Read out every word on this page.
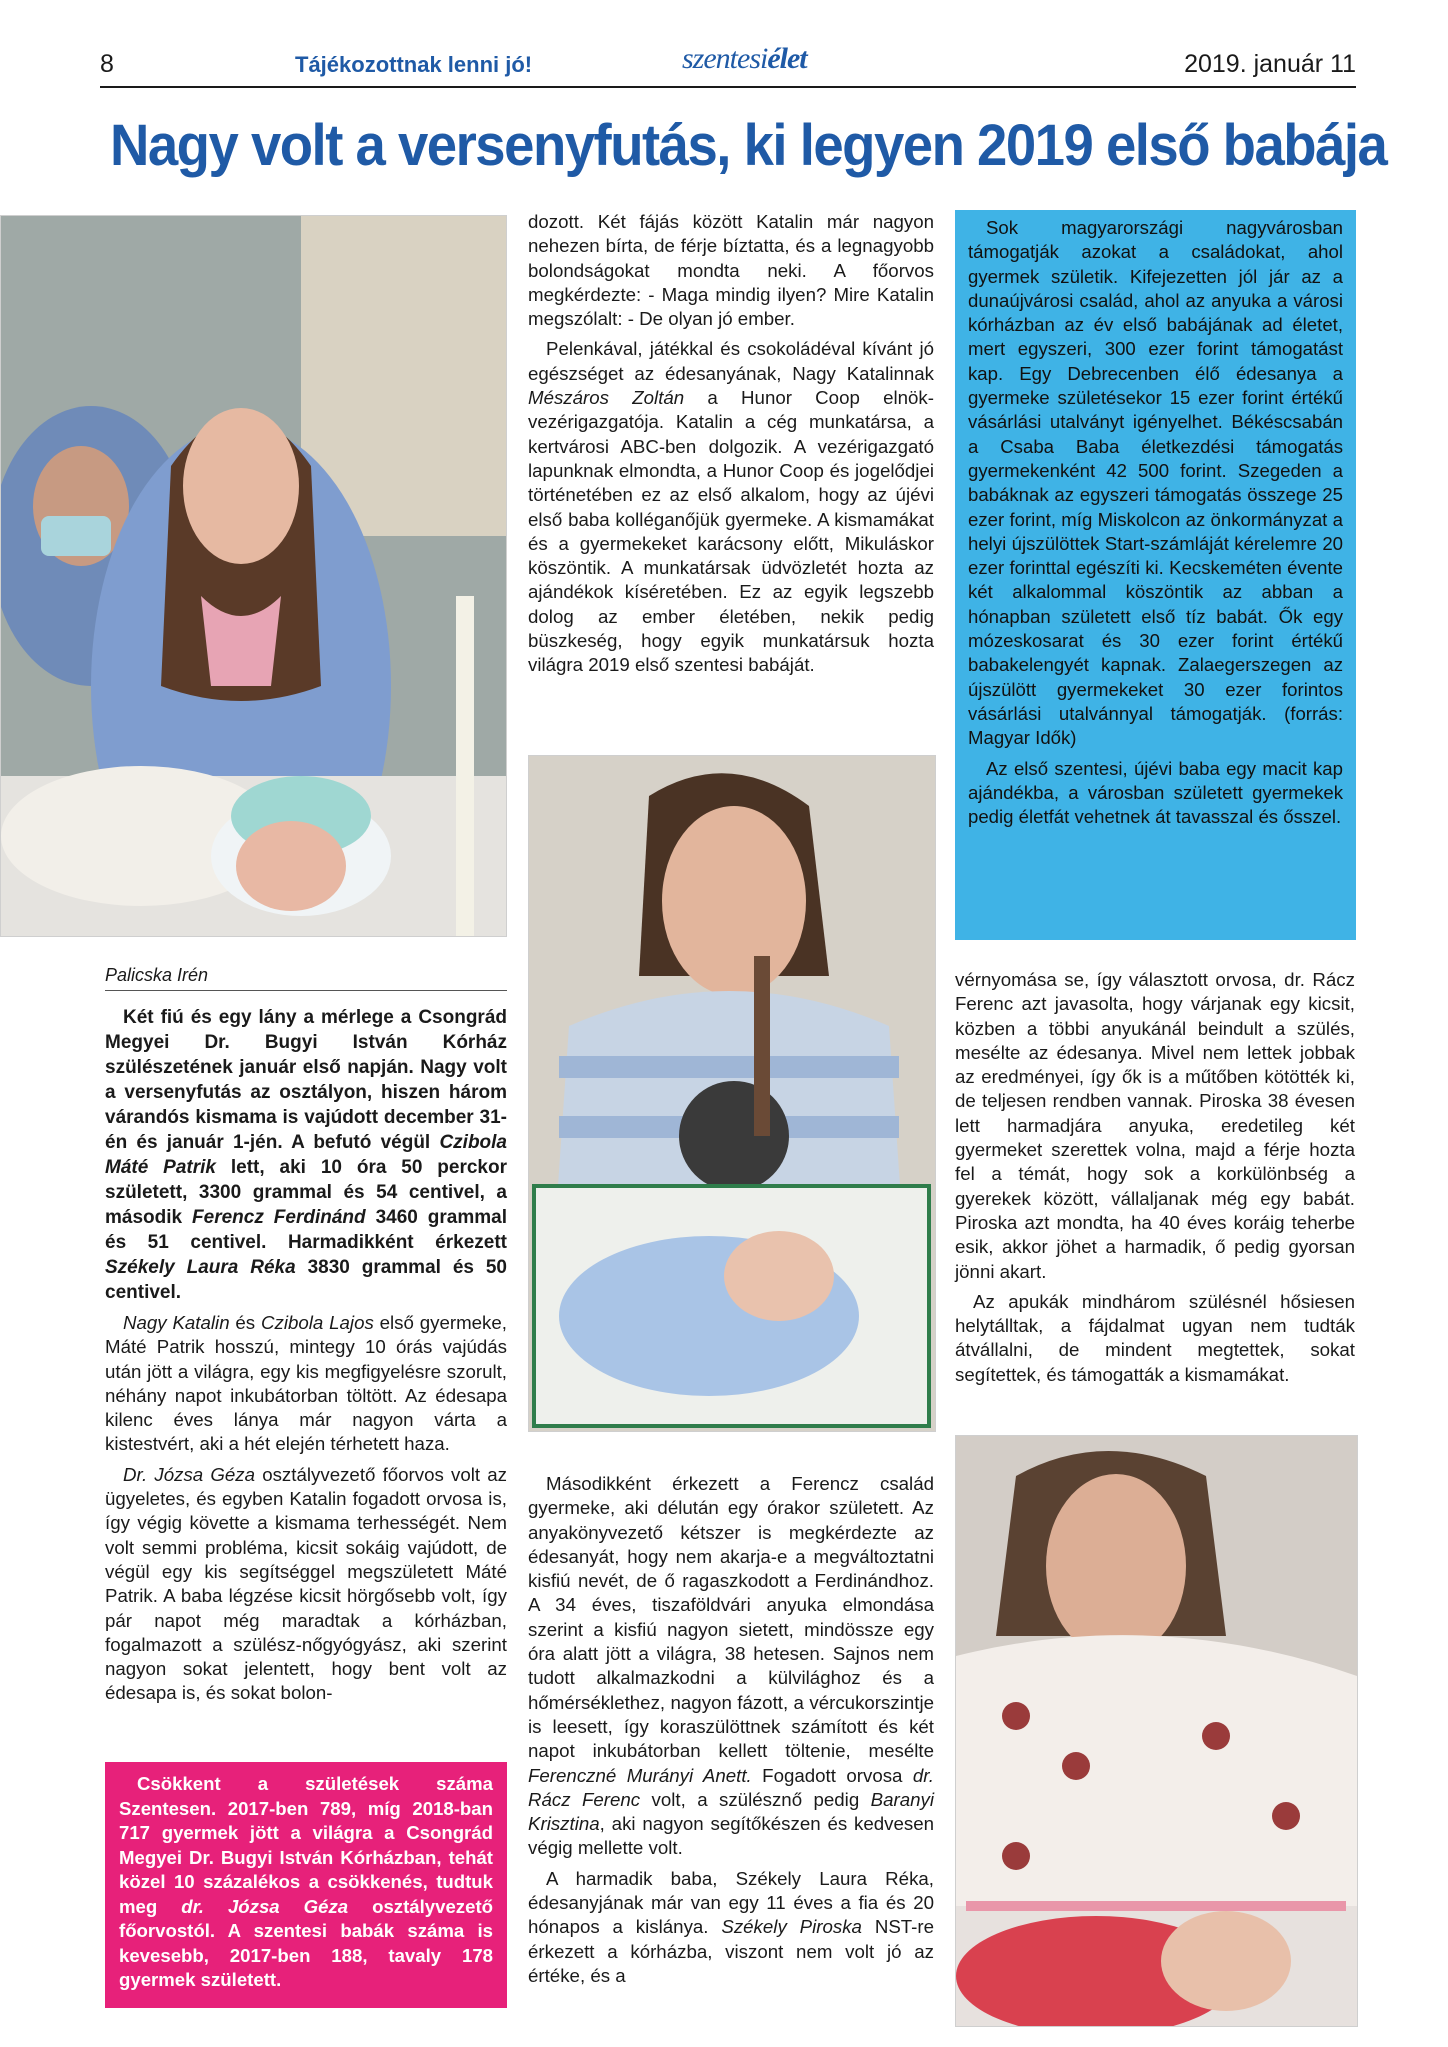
8	Tájékozottnak lenni jó!	szentesiélet	2019. január 11
Nagy volt a versenyfutás, ki legyen 2019 első babája
Palicska Irén

Két fiú és egy lány a mérlege a Csongrád Megyei Dr. Bugyi István Kórház szülészetének január első napján. Nagy volt a versenyfutás az osztályon, hiszen három várandós kismama is vajúdott december 31-én és január 1-jén. A befutó végül Czibola Máté Patrik lett, aki 10 óra 50 perckor született, 3300 grammal és 54 centivel, a második Ferencz Ferdinánd 3460 grammal és 51 centivel. Harmadikként érkezett Székely Laura Réka 3830 grammal és 50 centivel.

Nagy Katalin és Czibola Lajos első gyermeke, Máté Patrik hosszú, mintegy 10 órás vajúdás után jött a világra, egy kis megfigyelésre szorult, néhány napot inkubátorban töltött. Az édesapa kilenc éves lánya már nagyon várta a kistestvért, aki a hét elején térhetett haza.

Dr. Józsa Géza osztályvezető főorvos volt az ügyeletes, és egyben Katalin fogadott orvosa is, így végig követte a kismama terhességét. Nem volt semmi probléma, kicsit sokáig vajúdott, de végül egy kis segítséggel megszületett Máté Patrik. A baba légzése kicsit hörgősebb volt, így pár napot még maradtak a kórházban, fogalmazott a szülész-nőgyógyász, aki szerint nagyon sokat jelentett, hogy bent volt az édesapa is, és sokat bolon-

Csökkent a születések száma Szentesen. 2017-ben 789, míg 2018-ban 717 gyermek jött a világra a Csongrád Megyei Dr. Bugyi István Kórházban, tehát közel 10 százalékos a csökkenés, tudtuk meg dr. Józsa Géza osztályvezető főorvostól. A szentesi babák száma is kevesebb, 2017-ben 188, tavaly 178 gyermek született.

dozott. Két fájás között Katalin már nagyon nehezen bírta, de férje bíztatta, és a legnagyobb bolondságokat mondta neki. A főorvos megkérdezte: - Maga mindig ilyen? Mire Katalin megszólalt: - De olyan jó ember.

Pelenkával, játékkal és csokoládéval kívánt jó egészséget az édesanyának, Nagy Katalinnak Mészáros Zoltán a Hunor Coop elnök-vezérigazgatója. Katalin a cég munkatársa, a kertvárosi ABC-ben dolgozik. A vezérigazgató lapunknak elmondta, a Hunor Coop és jogelődjei történetében ez az első alkalom, hogy az újévi első baba kolléganőjük gyermeke. A kismamákat és a gyermekeket karácsony előtt, Mikuláskor köszöntik. A munkatársak üdvözletét hozta az ajándékok kíséretében. Ez az egyik legszebb dolog az ember életében, nekik pedig büszkeség, hogy egyik munkatársuk hozta világra 2019 első szentesi babáját.

Másodikként érkezett a Ferencz család gyermeke, aki délután egy órakor született. Az anyakönyvezető kétszer is megkérdezte az édesanyát, hogy nem akarja-e a megváltoztatni kisfiú nevét, de ő ragaszkodott a Ferdinándhoz. A 34 éves, tiszaföldvári anyuka elmondása szerint a kisfiú nagyon sietett, mindössze egy óra alatt jött a világra, 38 hetesen. Sajnos nem tudott alkalmazkodni a külvilághoz és a hőmérséklethez, nagyon fázott, a vércukorszintje is leesett, így koraszülöttnek számított és két napot inkubátorban kellett töltenie, mesélte Ferenczné Murányi Anett. Fogadott orvosa dr. Rácz Ferenc volt, a szülésznő pedig Baranyi Krisztina, aki nagyon segítőkészen és kedvesen végig mellette volt.

A harmadik baba, Székely Laura Réka, édesanyjának már van egy 11 éves a fia és 20 hónapos a kislánya. Székely Piroska NST-re érkezett a kórházba, viszont nem volt jó az értéke, és a

Sok magyarországi nagyvárosban támogatják azokat a családokat, ahol gyermek születik. Kifejezetten jól jár az a dunaújvárosi család, ahol az anyuka a városi kórházban az év első babájának ad életet, mert egyszeri, 300 ezer forint támogatást kap. Egy Debrecenben élő édesanya a gyermeke születésekor 15 ezer forint értékű vásárlási utalványt igényelhet. Békéscsabán a Csaba Baba életkezdési támogatás gyermekenként 42 500 forint. Szegeden a babáknak az egyszeri támogatás összege 25 ezer forint, míg Miskolcon az önkormányzat a helyi újszülöttek Start-számláját kérelemre 20 ezer forinttal egészíti ki. Kecskeméten évente két alkalommal köszöntik az abban a hónapban született első tíz babát. Ők egy mózeskosarat és 30 ezer forint értékű babakelengyét kapnak. Zalaegerszegen az újszülött gyermekeket 30 ezer forintos vásárlási utalvánnyal támogatják. (forrás: Magyar Idők)

Az első szentesi, újévi baba egy macit kap ajándékba, a városban született gyermekek pedig életfát vehetnek át tavasszal és ősszel.

vérnyomása se, így választott orvosa, dr. Rácz Ferenc azt javasolta, hogy várjanak egy kicsit, közben a többi anyukánál beindult a szülés, mesélte az édesanya. Mivel nem lettek jobbak az eredményei, így ők is a műtőben kötötték ki, de teljesen rendben vannak. Piroska 38 évesen lett harmadjára anyuka, eredetileg két gyermeket szerettek volna, majd a férje hozta fel a témát, hogy sok a korkülönbség a gyerekek között, vállaljanak még egy babát. Piroska azt mondta, ha 40 éves koráig teherbe esik, akkor jöhet a harmadik, ő pedig gyorsan jönni akart.

Az apukák mindhárom szülésnél hősiesen helytálltak, a fájdalmat ugyan nem tudták átvállalni, de mindent megtettek, sokat segítettek, és támogatták a kismamákat.
